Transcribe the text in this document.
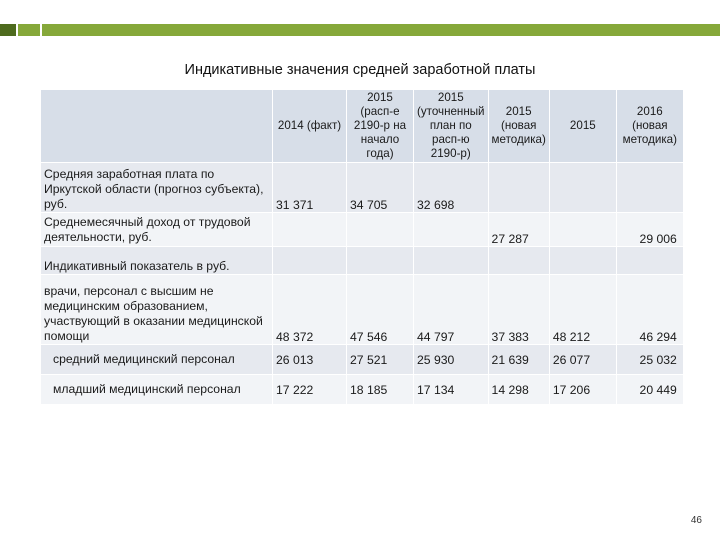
Индикативные значения средней заработной платы
	2014 (факт)	2015 (расп-е 2190-р на начало года)	2015 (уточненный план по расп-ю 2190-р)	2015 (новая методика)	2015	2016 (новая методика)
Средняя заработная плата по Иркутской области (прогноз субъекта), руб.	31 371	34 705	32 698			
Среднемесячный доход от трудовой деятельности, руб.				27 287		29 006
Индикативный показатель в руб.						
врачи, персонал с высшим не медицинским образованием, участвующий в оказании медицинской помощи	48 372	47 546	44 797	37 383	48 212	46 294
средний медицинский персонал	26 013	27 521	25 930	21 639	26 077	25 032
младший медицинский персонал	17 222	18 185	17 134	14 298	17 206	20 449
46
